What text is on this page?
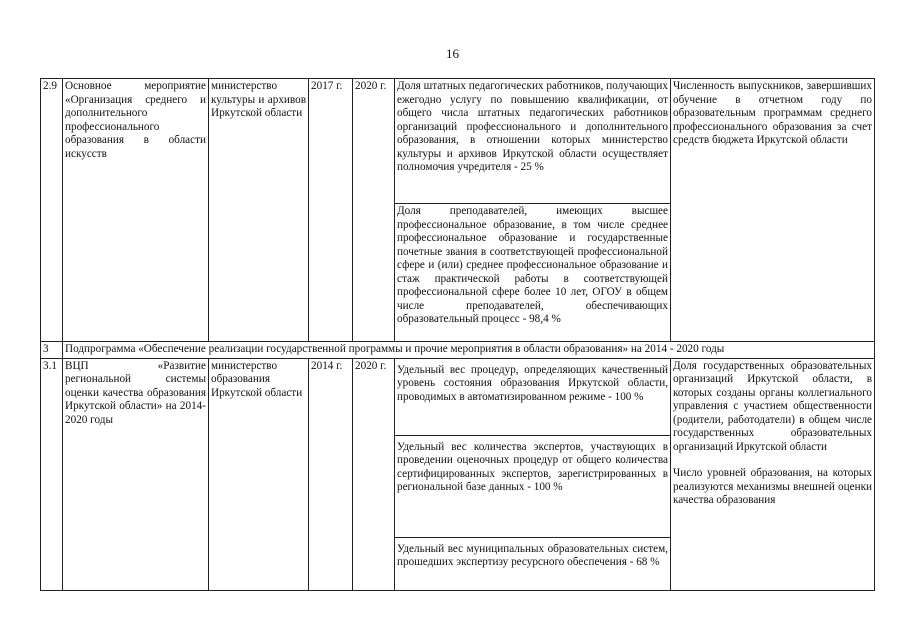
16
2.9	Основное мероприятие «Организация среднего и дополнительного профессионального образования в области искусств	министерство культуры и архивов Иркутской области	2017 г.	2020 г.	Доля штатных педагогических работников, получающих ежегодно услугу по повышению квалификации, от общего числа штатных педагогических работников организаций профессионального и дополнительного образования, в отношении которых министерство культуры и архивов Иркутской области осуществляет полномочия учредителя - 25 %	Численность выпускников, завершивших обучение в отчетном году по образовательным программам среднего профессионального образования за счет средств бюджета Иркутской области
					Доля преподавателей, имеющих высшее профессиональное образование, в том числе среднее профессиональное образование и государственные почетные звания в соответствующей профессиональной сфере и (или) среднее профессиональное образование и стаж практической работы в соответствующей профессиональной сфере более 10 лет, ОГОУ в общем числе преподавателей, обеспечивающих образовательный процесс - 98,4 %	
3	Подпрограмма «Обеспечение реализации государственной программы и прочие мероприятия в области образования» на 2014 - 2020 годы					
3.1	ВЦП «Развитие региональной системы оценки качества образования Иркутской области» на 2014-2020 годы	министерство образования Иркутской области	2014 г.	2020 г.	Удельный вес процедур, определяющих качественный уровень состояния образования Иркутской области, проводимых в автоматизированном режиме - 100 %	Доля государственных образовательных организаций Иркутской области, в которых созданы органы коллегиального управления с участием общественности (родители, работодатели) в общем числе государственных образовательных организаций Иркутской области
Число уровней образования, на которых реализуются механизмы внешней оценки качества образования
					Удельный вес количества экспертов, участвующих в проведении оценочных процедур от общего количества сертифицированных экспертов, зарегистрированных в региональной базе данных - 100 %	
					Удельный вес муниципальных образовательных систем, прошедших экспертизу ресурсного обеспечения - 68 %	
